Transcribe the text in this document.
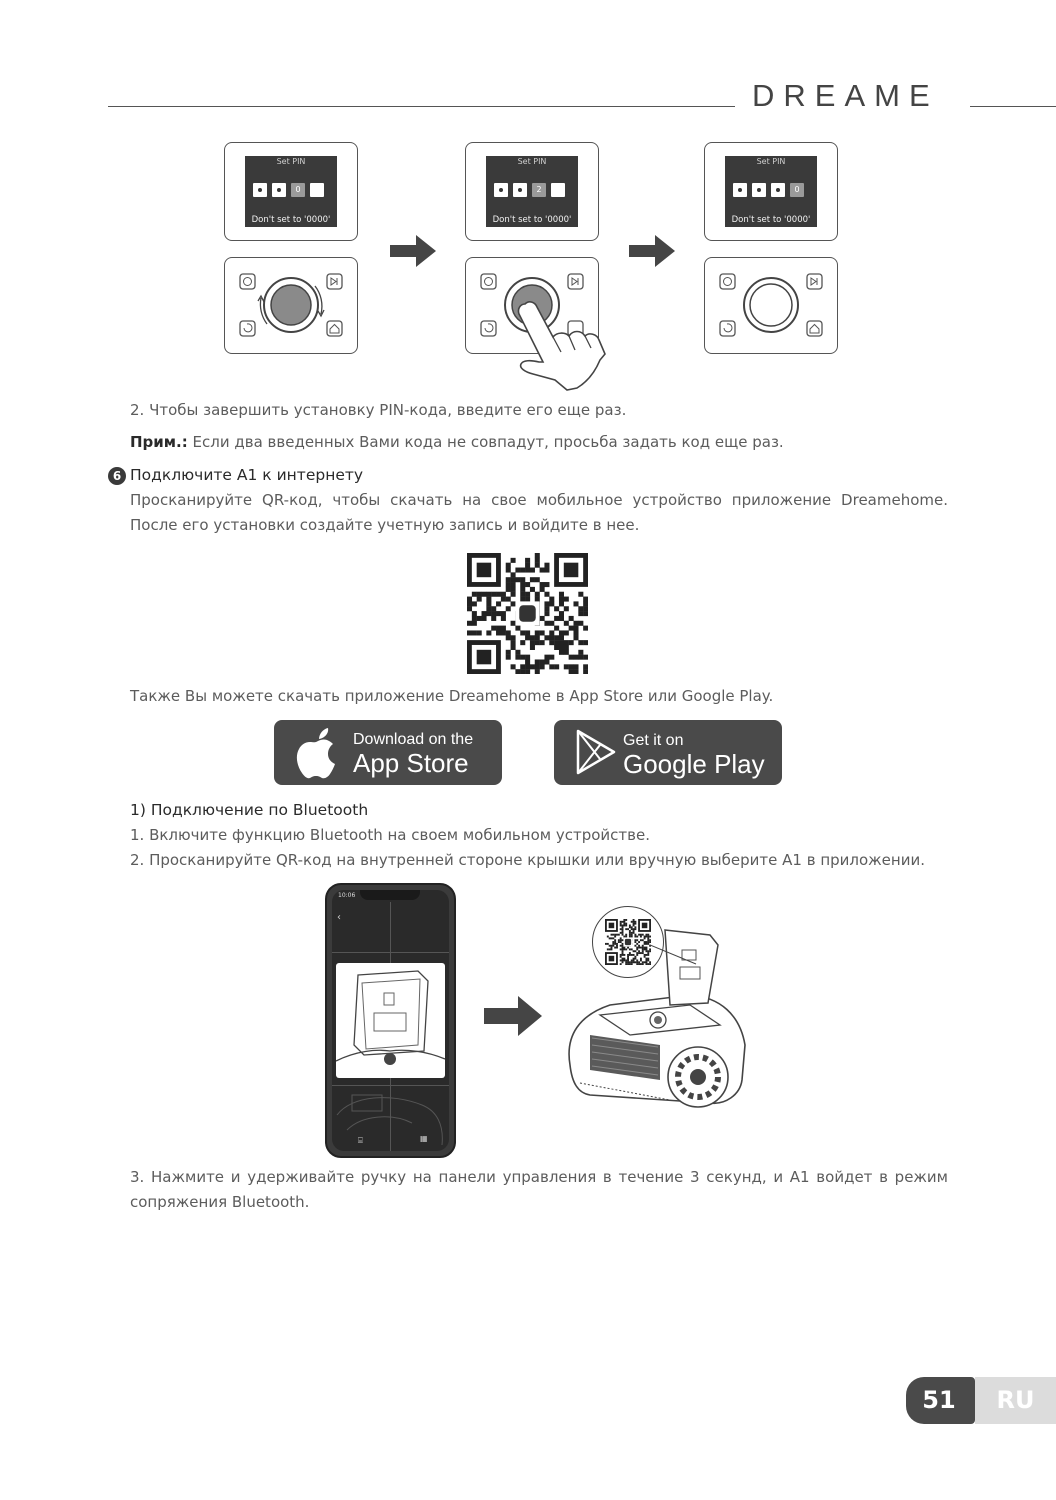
DREAME
Set PIN
0
Don't set to '0000'
Set PIN
2
Don't set to '0000'
Set PIN
0
Don't set to '0000'
2. Чтобы завершить установку PIN-кода, введите его еще раз.
Прим.: Если два введенных Вами кода не совпадут, просьба задать код еще раз.
6 Подключите А1 к интернету
Просканируйте QR-код, чтобы скачать на свое мобильное устройство приложение Dreamehome. После его установки создайте учетную запись и войдите в нее.
Также Вы можете скачать приложение Dreamehome в App Store или Google Play.
Download on the
App Store
Get it on
Google Play
1) Подключение по Bluetooth
1. Включите функцию Bluetooth на своем мобильном устройстве.
2. Просканируйте QR-код на внутренней стороне крышки или вручную выберите А1 в приложении.
10:06
‹
⌸	▦
3. Нажмите и удерживайте ручку на панели управления в течение 3 секунд, и А1 войдет в режим сопряжения Bluetooth.
51	RU
